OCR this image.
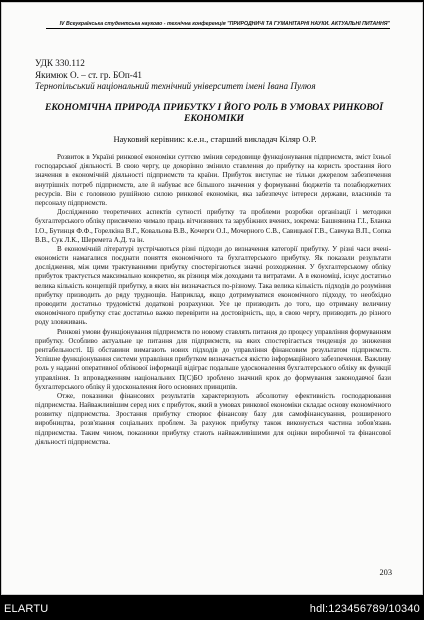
IV Всеукраїнська студентська науково - технічна конференція "ПРИРОДНИЧІ ТА ГУМАНІТАРНІ НАУКИ. АКТУАЛЬНІ ПИТАННЯ"
УДК 330.112
Якимюк О. – ст. гр. БОп-41
Тернопільський національний технічний університет імені Івана Пулюя
ЕКОНОМІЧНА ПРИРОДА ПРИБУТКУ І ЙОГО РОЛЬ В УМОВАХ РИНКОВОЇ ЕКОНОМІКИ
Науковий керівник: к.е.н., старший викладач Кіляр О.Р.

Розвиток в Україні ринкової економіки суттєво змінив середовище функціонування підприємств, зміст їхньої господарської діяльності. В свою чергу, це докорінно змінило ставлення до прибутку на користь зростання його значення в економічній діяльності підприємств та країни. Прибуток виступає не тільки джерелом забезпечення внутрішніх потреб підприємств, але й набуває все більшого значення у формуванні бюджетів та позабюджетних ресурсів. Він є головною рушійною силою ринкової економіки, яка забезпечує інтереси держави, власників та персоналу підприємств.

Дослідженню теоретичних аспектів сутності прибутку та проблеми розробки організації і методики бухгалтерського обліку присвячено чимало праць вітчизняних та зарубіжних вчених, зокрема: Башнянина Г.І., Бланка І.О., Бутинця Ф.Ф., Горелкіна В.Г., Ковальова В.В., Кочерги О.І., Мочерного С.В., Савицької Г.В., Савчука В.П., Сопка В.В., Сук Л.К., Шеремета А.Д. та ін.

В економічній літературі зустрічаються різні підходи до визначення категорії прибутку. У різні часи вчені-економісти намагалися поєднати поняття економічного та бухгалтерського прибутку. Як показали результати дослідження, між цими трактуваннями прибутку спостерігаються значні розходження. У бухгалтерському обліку прибуток трактується максимально конкретно, як різниця між доходами та витратами. А в економіці, існує достатньо велика кількість концепцій прибутку, в яких він визначається по-різному. Така велика кількість підходів до розуміння прибутку призводить до ряду труднощів. Наприклад, якщо дотримуватися економічного підходу, то необхідно проводити достатньо трудомісткі додаткові розрахунки. Усе це призводить до того, що отриману величину економічного прибутку стає достатньо важко перевірити на достовірність, що, в свою чергу, призводить до різного роду зловживань.

Ринкові умови функціонування підприємств по новому ставлять питання до процесу управління формуванням прибутку. Особливо актуальне це питання для підприємств, на яких спостерігається тенденція до зниження рентабельності. Ці обставини вимагають нових підходів до управління фінансовим результатом підприємств. Успішне функціонування системи управління прибутком визначається якістю інформаційного забезпечення. Важливу роль у наданні оперативної облікової інформації відіграє подальше удосконалення бухгалтерського обліку як функції управління. Із впровадженням національних П(С)БО зроблено значний крок до формування законодавчої бази бухгалтерського обліку й удосконалення його основних принципів.

Отже, показники фінансових результатів характеризують абсолютну ефективність господарювання підприємства. Найважливішим серед них є прибуток, який в умовах ринкової економіки складає основу економічного розвитку підприємства. Зростання прибутку створює фінансову базу для самофінансування, розширеного виробництва, розв'язання соціальних проблем. За рахунок прибутку також виконується частина зобов'язань підприємства. Таким чином, показники прибутку стають найважливішими для оцінки виробничої та фінансової діяльності підприємства.

203
ELARTU	hdl:123456789/10340
